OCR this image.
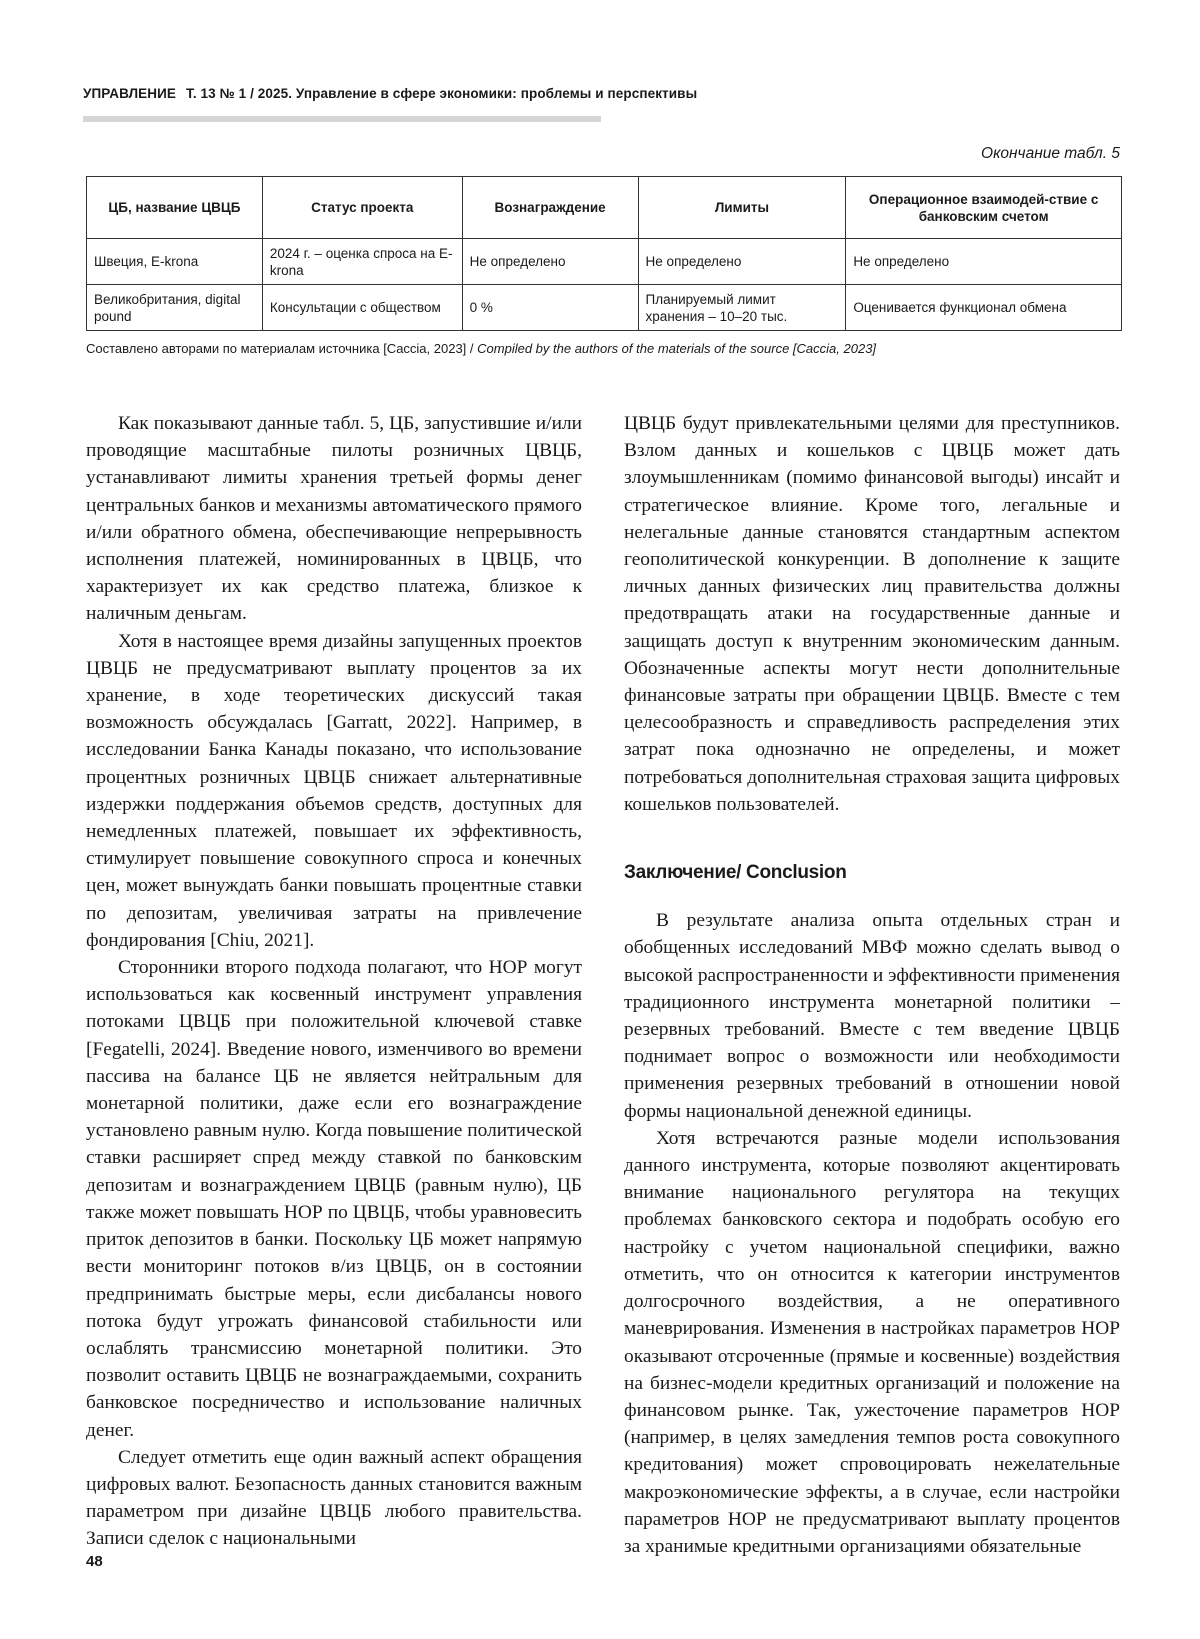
УПРАВЛЕНИЕ Т. 13 № 1 / 2025. Управление в сфере экономики: проблемы и перспективы
Окончание табл. 5
ЦБ, название ЦВЦБ	Статус проекта	Вознаграждение	Лимиты	Операционное взаимодей-ствие с банковским счетом
Швеция, E-krona	2024 г. – оценка спроса на E-krona	Не определено	Не определено	Не определено
Великобритания, digital pound	Консультации с обществом	0 %	Планируемый лимит хранения – 10–20 тыс.	Оценивается функционал обмена
Составлено авторами по материалам источника [Caccia, 2023] / Compiled by the authors of the materials of the source [Caccia, 2023]

Как показывают данные табл. 5, ЦБ, запустившие и/или проводящие масштабные пилоты розничных ЦВЦБ, устанавливают лимиты хранения третьей формы денег центральных банков и механизмы автоматического прямого и/или обратного обмена, обеспечивающие непрерывность исполнения платежей, номинированных в ЦВЦБ, что характеризует их как средство платежа, близкое к наличным деньгам.

Хотя в настоящее время дизайны запущенных проектов ЦВЦБ не предусматривают выплату процентов за их хранение, в ходе теоретических дискуссий такая возможность обсуждалась [Garratt, 2022]. Например, в исследовании Банка Канады показано, что использование процентных розничных ЦВЦБ снижает альтернативные издержки поддержания объемов средств, доступных для немедленных платежей, повышает их эффективность, стимулирует повышение совокупного спроса и конечных цен, может вынуждать банки повышать процентные ставки по депозитам, увеличивая затраты на привлечение фондирования [Chiu, 2021].

Сторонники второго подхода полагают, что НОР могут использоваться как косвенный инструмент управления потоками ЦВЦБ при положительной ключевой ставке [Fegatelli, 2024]. Введение нового, изменчивого во времени пассива на балансе ЦБ не является нейтральным для монетарной политики, даже если его вознаграждение установлено равным нулю. Когда повышение политической ставки расширяет спред между ставкой по банковским депозитам и вознаграждением ЦВЦБ (равным нулю), ЦБ также может повышать НОР по ЦВЦБ, чтобы уравновесить приток депозитов в банки. Поскольку ЦБ может напрямую вести мониторинг потоков в/из ЦВЦБ, он в состоянии предпринимать быстрые меры, если дисбалансы нового потока будут угрожать финансовой стабильности или ослаблять трансмиссию монетарной политики. Это позволит оставить ЦВЦБ не вознаграждаемыми, сохранить банковское посредничество и использование наличных денег.

Следует отметить еще один важный аспект обращения цифровых валют. Безопасность данных становится важным параметром при дизайне ЦВЦБ любого правительства. Записи сделок с национальными

ЦВЦБ будут привлекательными целями для преступников. Взлом данных и кошельков с ЦВЦБ может дать злоумышленникам (помимо финансовой выгоды) инсайт и стратегическое влияние. Кроме того, легальные и нелегальные данные становятся стандартным аспектом геополитической конкуренции. В дополнение к защите личных данных физических лиц правительства должны предотвращать атаки на государственные данные и защищать доступ к внутренним экономическим данным. Обозначенные аспекты могут нести дополнительные финансовые затраты при обращении ЦВЦБ. Вместе с тем целесообразность и справедливость распределения этих затрат пока однозначно не определены, и может потребоваться дополнительная страховая защита цифровых кошельков пользователей.

Заключение/ Conclusion

В результате анализа опыта отдельных стран и обобщенных исследований МВФ можно сделать вывод о высокой распространенности и эффективности применения традиционного инструмента монетарной политики – резервных требований. Вместе с тем введение ЦВЦБ поднимает вопрос о возможности или необходимости применения резервных требований в отношении новой формы национальной денежной единицы.

Хотя встречаются разные модели использования данного инструмента, которые позволяют акцентировать внимание национального регулятора на текущих проблемах банковского сектора и подобрать особую его настройку с учетом национальной специфики, важно отметить, что он относится к категории инструментов долгосрочного воздействия, а не оперативного маневрирования. Изменения в настройках параметров НОР оказывают отсроченные (прямые и косвенные) воздействия на бизнес-модели кредитных организаций и положение на финансовом рынке. Так, ужесточение параметров НОР (например, в целях замедления темпов роста совокупного кредитования) может спровоцировать нежелательные макроэкономические эффекты, а в случае, если настройки параметров НОР не предусматривают выплату процентов за хранимые кредитными организациями обязательные

48
